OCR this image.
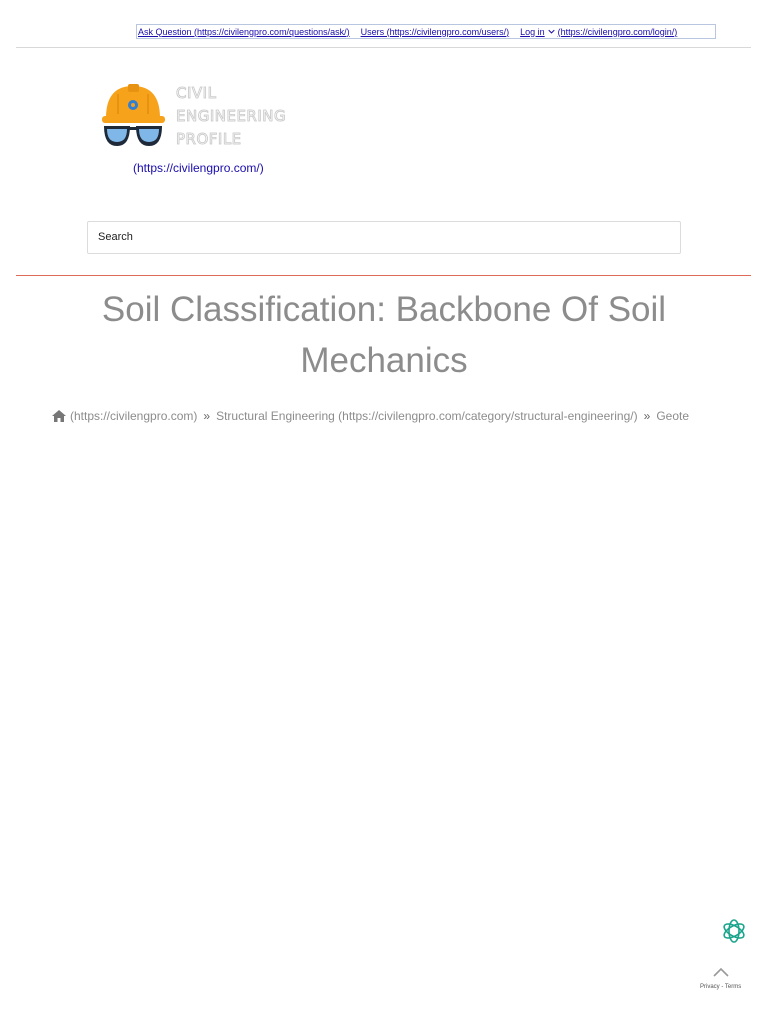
Ask Question (https://civilengpro.com/questions/ask/) Users (https://civilengpro.com/users/) Log in (https://civilengpro.com/login/)
CIVIL
ENGINEERING
PROFILE
(https://civilengpro.com/)
Search
Soil Classification: Backbone Of Soil Mechanics
(https://civilengpro.com) » Structural Engineering (https://civilengpro.com/category/structural-engineering/) » Geote
Privacy - Terms
